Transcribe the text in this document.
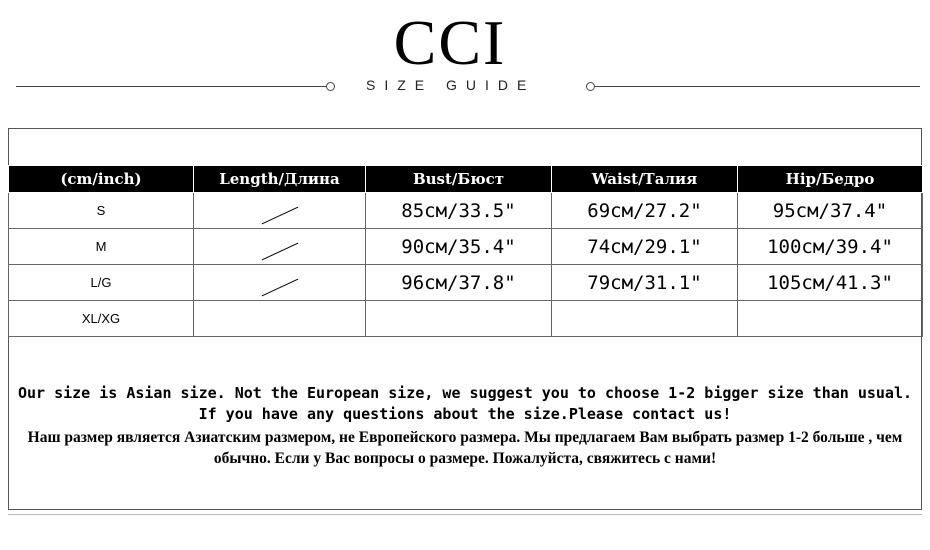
CCI
SIZE GUIDE
(cm/inch)	Length/Длина	Bust/Бюст	Waist/Талия	Hip/Бедро
S		85см/33.5"	69см/27.2"	95см/37.4"
M		90см/35.4"	74см/29.1"	100см/39.4"
L/G		96см/37.8"	79см/31.1"	105см/41.3"
XL/XG				
Our size is Asian size. Not the European size, we suggest you to choose 1-2 bigger size than usual. If you have any questions about the size.Please contact us!
Наш размер является Азиатским размером, не Европейского размера. Мы предлагаем Вам выбрать размер 1-2 больше , чем обычно. Если у Вас вопросы о размере. Пожалуйста, свяжитесь с нами!
